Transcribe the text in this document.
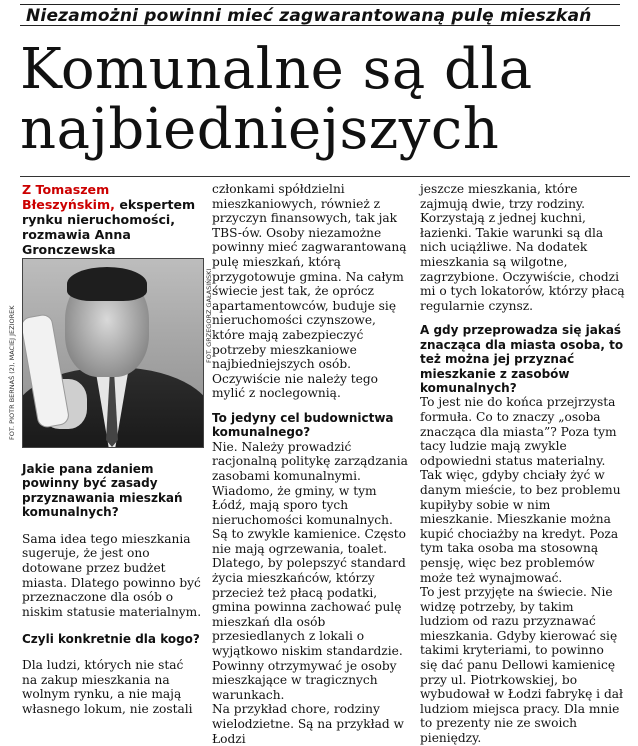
Niezamożni powinni mieć zagwarantowaną pulę mieszkań
Komunalne są dla
najbiedniejszych
Z Tomaszem Błeszyńskim, ekspertem rynku nieruchomości, rozmawia Anna Gronczewska
FOT. GRZEGORZ GAŁASIŃSKI
FOT. PIOTR BERNAŚ (2), MACIEJ JEZIOREK

Jakie pana zdaniem powinny być zasady przyznawania mieszkań komunalnych?

Sama idea tego mieszkania sugeruje, że jest ono dotowane przez budżet miasta. Dlatego powinno być przeznaczone dla osób o niskim statusie materialnym.

Czyli konkretnie dla kogo?

Dla ludzi, których nie stać na zakup mieszkania na wolnym rynku, a nie mają własnego lokum, nie zostali

członkami spółdzielni mieszkaniowych, również z przyczyn finansowych, tak jak TBS-ów. Osoby niezamożne powinny mieć zagwarantowaną pulę mieszkań, którą przygotowuje gmina. Na całym świecie jest tak, że oprócz apartamentowców, buduje się nieruchomości czynszowe, które mają zabezpieczyć potrzeby mieszkaniowe najbiedniejszych osób. Oczywiście nie należy tego mylić z noclegownią.

To jedyny cel budownictwa komunalnego?

Nie. Należy prowadzić racjonalną politykę zarządzania zasobami komunalnymi. Wiadomo, że gminy, w tym Łódź, mają sporo tych nieruchomości komunalnych. Są to zwykle kamienice. Często nie mają ogrzewania, toalet. Dlatego, by polepszyć standard życia mieszkańców, którzy przecież też płacą podatki, gmina powinna zachować pulę mieszkań dla osób przesiedlanych z lokali o wyjątkowo niskim standardzie. Powinny otrzymywać je osoby mieszkające w tragicznych warunkach.

Na przykład chore, rodziny wielodzietne. Są na przykład w Łodzi

jeszcze mieszkania, które zajmują dwie, trzy rodziny. Korzystają z jednej kuchni, łazienki. Takie warunki są dla nich uciążliwe. Na dodatek mieszkania są wilgotne, zagrzybione. Oczywiście, chodzi mi o tych lokatorów, którzy płacą regularnie czynsz.

A gdy przeprowadza się jakaś znacząca dla miasta osoba, to też można jej przyznać mieszkanie z zasobów komunalnych?

To jest nie do końca przejrzysta formuła. Co to znaczy „osoba znacząca dla miasta”? Poza tym tacy ludzie mają zwykle odpowiedni status materialny. Tak więc, gdyby chciały żyć w danym mieście, to bez problemu kupiłyby sobie w nim mieszkanie. Mieszkanie można kupić chociażby na kredyt. Poza tym taka osoba ma stosowną pensję, więc bez problemów może też wynajmować.

To jest przyjęte na świecie. Nie widzę potrzeby, by takim ludziom od razu przyznawać mieszkania. Gdyby kierować się takimi kryteriami, to powinno się dać panu Dellowi kamienicę przy ul. Piotrkowskiej, bo wybudował w Łodzi fabrykę i dał ludziom miejsca pracy. Dla mnie to prezenty nie ze swoich pieniędzy.
